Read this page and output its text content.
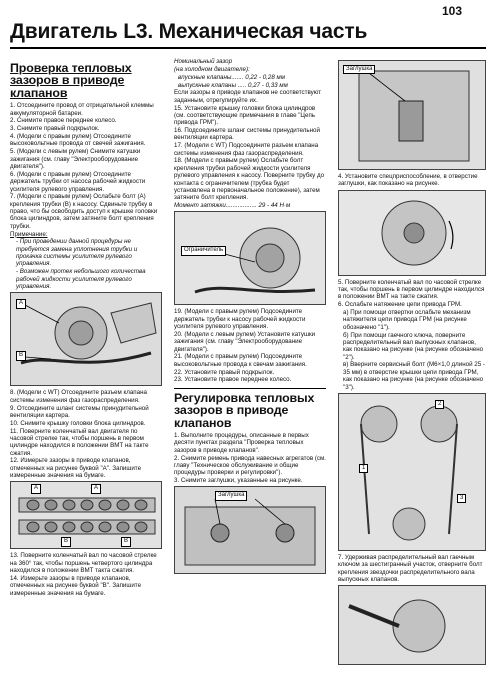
103
Двигатель L3. Механическая часть
Проверка тепловых зазоров в приводе клапанов

1. Отсоедините провод от отрицательной клеммы аккумуляторной батареи.

2. Снимите правое переднее колесо.

3. Снимите правый подкрылок.

4. (Модели с правым рулем) Отсоедините высоковольтные провода от свечей зажигания.

5. (Модели с левым рулем) Снимите катушки зажигания (см. главу "Электрооборудование двигателя").

6. (Модели с правым рулем) Отсоедините держатель трубки от насоса рабочей жидкости усилителя рулевого управления.

7. (Модели с правым рулем) Ослабьте болт (A) крепления трубки (B) к насосу. Сдвиньте трубку в право, что бы освободить доступ к крышке головки блока цилиндров, затем затяните болт крепления трубки.

Примечание:

- При проведении данной процедуры не требуется замена уплотнения трубки и прокачка системы усилителя рулевого управления.

- Возможен протек небольшого количества рабочей жидкости усилителя рулевого управления.

A
B

8. (Модели с WT) Отсоедините разъем клапана системы изменения фаз газораспределения.

9. Отсоедините шланг системы принудительной вентиляции картера.

10. Снимите крышку головки блока цилиндров.

11. Поверните коленчатый вал двигателя по часовой стрелке так, чтобы поршень в первом цилиндре находился в положении ВМТ на такте сжатия.

12. Измерьте зазоры в приводе клапанов, отмеченных на рисунке буквой "A". Запишите измеренные значения на бумаге.

A	A
B	B

13. Поверните коленчатый вал по часовой стрелке на 360° так, чтобы поршень четвертого цилиндра находился в положении ВМТ такта сжатия.

14. Измерьте зазоры в приводе клапанов, отмеченных на рисунке буквой "B". Запишите измеренные значения на бумаге.

Номинальный зазор

(на холодном двигателе):

впускные клапаны....... 0,22 - 0,28 мм

выпускные клапаны ..... 0,27 - 0,33 мм

Если зазоры в приводе клапанов не соответствуют заданным, отрегулируйте их.

15. Установите крышку головки блока цилиндров (см. соответствующие примечания в главе "Цепь привода ГРМ").

16. Подсоедините шланг системы принудительной вентиляции картера.

17. (Модели с WT) Подсоедините разъем клапана системы изменения фаз газораспределения.

18. (Модели с правым рулем) Ослабьте болт крепления трубки рабочей жидкости усилителя рулевого управления к насосу. Поверните трубку до контакта с ограничителем (трубка будет установлена в первоначальное положение), затем затяните болт крепления.

Момент затяжки.................. 29 - 44 Н·м

Ограничитель

19. (Модели с правым рулем) Подсоедините держатель трубки к насосу рабочей жидкости усилителя рулевого управления.

20. (Модели с левым рулем) Установите катушки зажигания (см. главу "Электрооборудование двигателя").

21. (Модели с правым рулем) Подсоедините высоковольтные провода к свечам зажигания.

22. Установите правый подкрылок.

23. Установите правое переднее колесо.

Регулировка тепловых зазоров в приводе клапанов

1. Выполните процедуры, описанные в первых десяти пунктах раздела "Проверка тепловых зазоров в приводе клапанов".

2. Снимите ремень привода навесных агрегатов (см. главу "Техническое обслуживание и общие процедуры проверки и регулировки").

3. Снимите заглушки, указанные на рисунке.

Заглушка
Заглушка

4. Установите спецприспособление, в отверстие заглушки, как показано на рисунке.

5. Поверните коленчатый вал по часовой стрелке так, чтобы поршень в первом цилиндре находился в положении ВМТ на такте сжатия.

6. Ослабьте натяжение цепи привода ГРМ.

а) При помощи отвертки ослабьте механизм натяжителя цепи привода ГРМ (на рисунке обозначено "1").

б) При помощи гаечного ключа, поверните распределительный вал выпускных клапанов, как показано на рисунке (на рисунке обозначено "2").

в) Вверните сервисный болт (M6×1,0 длиной 25 - 35 мм) в отверстие крышки цепи привода ГРМ, как показано на рисунке (на рисунке обозначено "3").

1
2
3

7. Удерживая распределительный вал гаечным ключом за шестигранный участок, отверните болт крепления звездочки распределительного вала выпускных клапанов.
